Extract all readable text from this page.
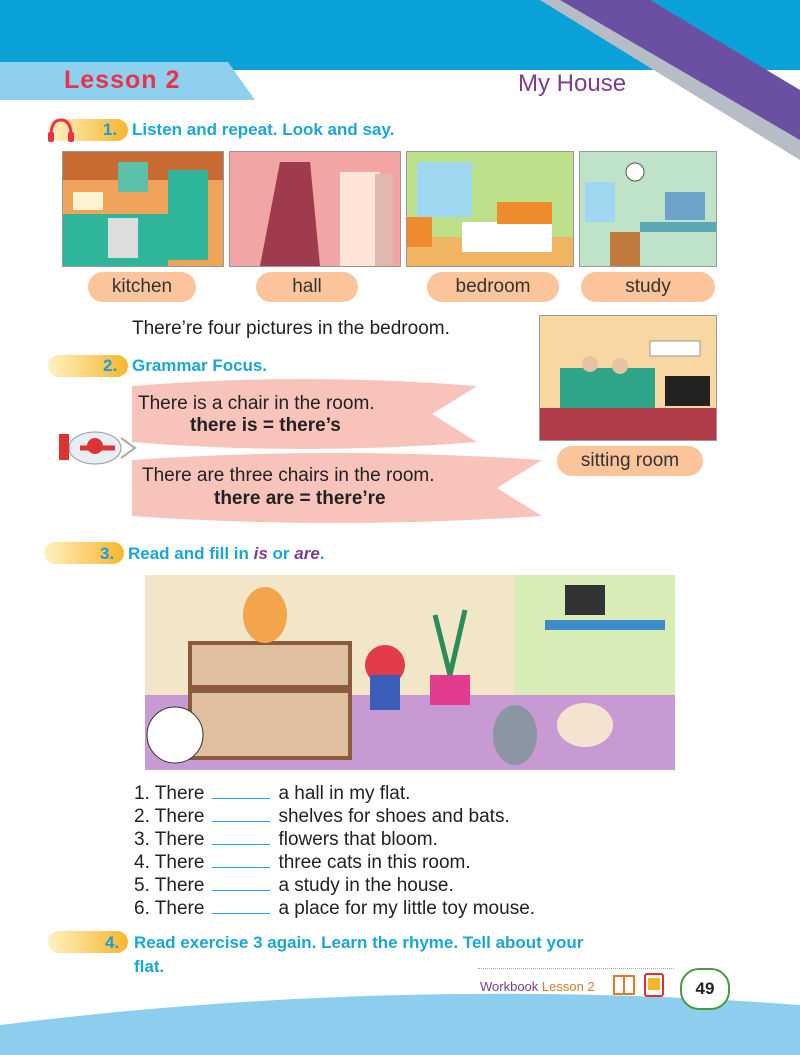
Lesson 2	My House
1. Listen and repeat. Look and say.
kitchen	hall	bedroom	study
There’re four pictures in the bedroom.
sitting room
2. Grammar Focus.
There is a chair in the room.
there is = there’s
There are three chairs in the room.
there are = there’re
3. Read and fill in is or are.
1. There	a hall in my flat.
2. There	shelves for shoes and bats.
3. There	flowers that bloom.
4. There	three cats in this room.
5. There	a study in the house.
6. There	a place for my little toy mouse.
4. Read exercise 3 again. Learn the rhyme. Tell about your
flat.
Workbook Lesson 2	49
